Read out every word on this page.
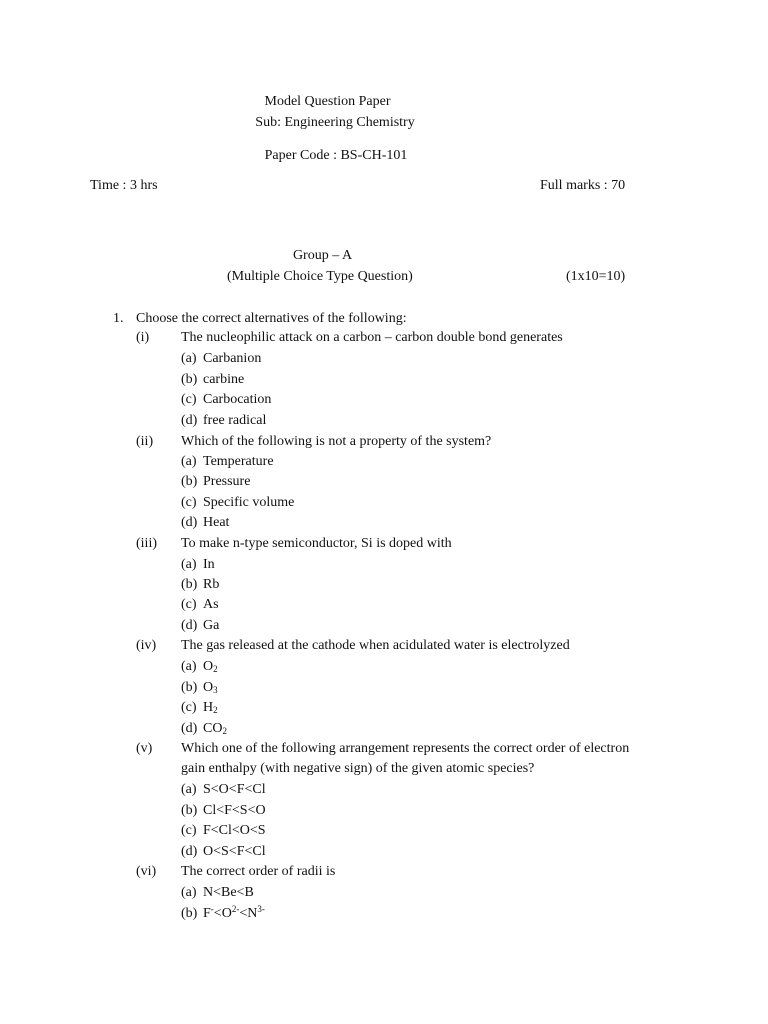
Model Question Paper
Sub: Engineering Chemistry
Paper Code : BS-CH-101
Time : 3 hrs	Full marks : 70
Group – A
(Multiple Choice Type Question)	(1x10=10)
1. Choose the correct alternatives of the following:
(i) The nucleophilic attack on a carbon – carbon double bond generates
(a) Carbanion
(b) carbine
(c) Carbocation
(d) free radical
(ii) Which of the following is not a property of the system?
(a) Temperature
(b) Pressure
(c) Specific volume
(d) Heat
(iii) To make n-type semiconductor, Si is doped with
(a) In
(b) Rb
(c) As
(d) Ga
(iv) The gas released at the cathode when acidulated water is electrolyzed
(a) $O_2$
(b) $O_3$
(c) $H_2$
(d) $CO_2$
(v) Which one of the following arrangement represents the correct order of electron
gain enthalpy (with negative sign) of the given atomic species?
(a) S<O<F<Cl
(b) Cl<F<S<O
(c) F<Cl<O<S
(d) O<S<F<Cl
(vi) The correct order of radii is
(a) N<Be<B
(b) $F^-<O^{2-}<N^{3-}$
